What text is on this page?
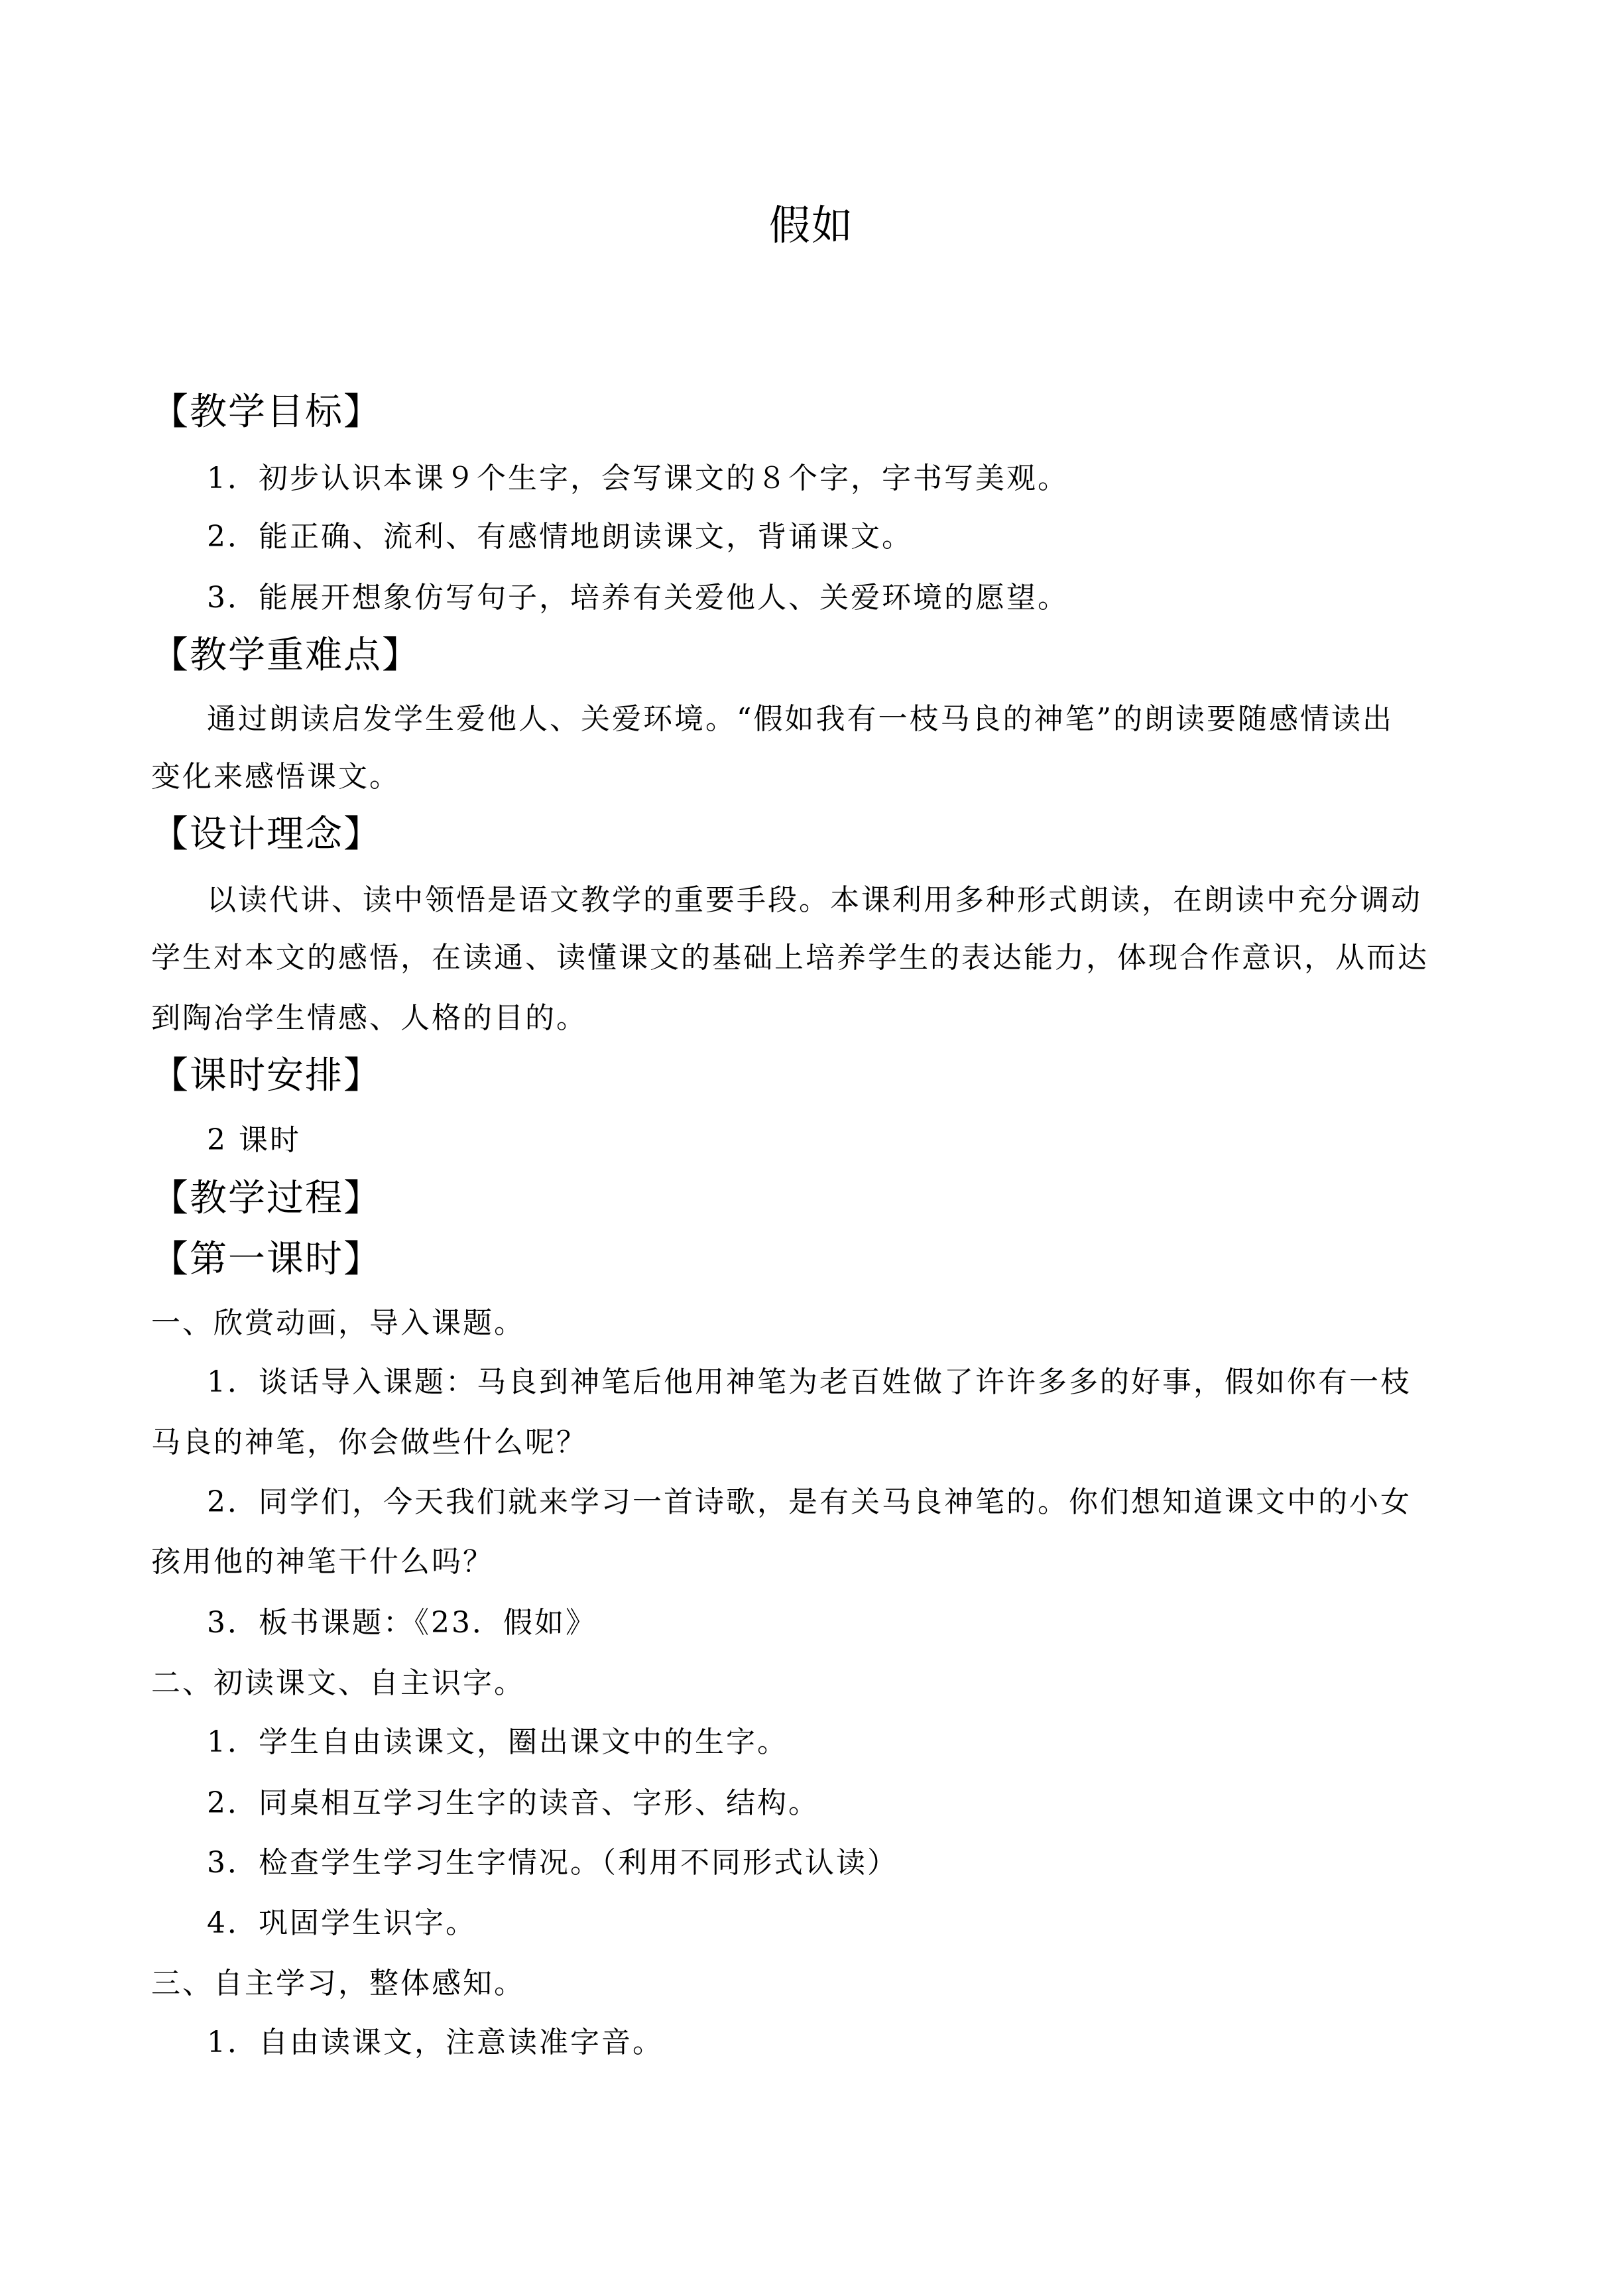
假如
【教学目标】
1．初步认识本课９个生字，会写课文的８个字，字书写美观。
2．能正确、流利、有感情地朗读课文，背诵课文。
3．能展开想象仿写句子，培养有关爱他人、关爱环境的愿望。
【教学重难点】
通过朗读启发学生爱他人、关爱环境。“假如我有一枝马良的神笔”的朗读要随感情读出
变化来感悟课文。
【设计理念】
以读代讲、读中领悟是语文教学的重要手段。本课利用多种形式朗读，在朗读中充分调动
学生对本文的感悟，在读通、读懂课文的基础上培养学生的表达能力，体现合作意识，从而达
到陶冶学生情感、人格的目的。
【课时安排】
2 课时
【教学过程】
【第一课时】
一、欣赏动画，导入课题。
1．谈话导入课题：马良到神笔后他用神笔为老百姓做了许许多多的好事，假如你有一枝
马良的神笔，你会做些什么呢？
2．同学们，今天我们就来学习一首诗歌，是有关马良神笔的。你们想知道课文中的小女
孩用他的神笔干什么吗？
3．板书课题：《23．假如》
二、初读课文、自主识字。
1．学生自由读课文，圈出课文中的生字。
2．同桌相互学习生字的读音、字形、结构。
3．检查学生学习生字情况。（利用不同形式认读）
4．巩固学生识字。
三、自主学习，整体感知。
1．自由读课文，注意读准字音。
